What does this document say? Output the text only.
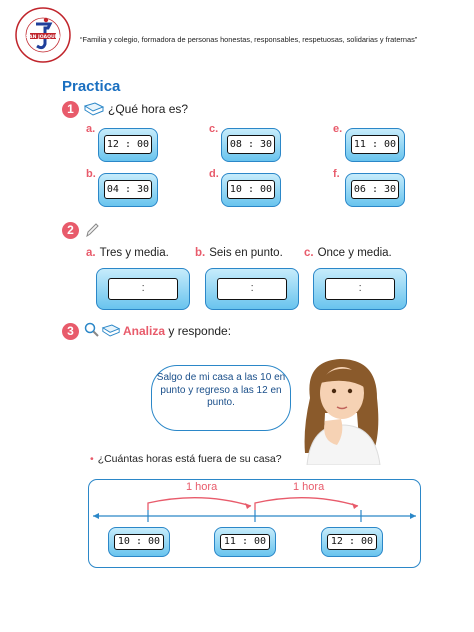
SAN JOAQUÍN	“Familia y colegio, formadora de personas honestas, responsables, respetuosas, solidarias y fraternas”
Practica
1	¿Qué hora es?
a.
12 : 00
c.
08 : 30
e.
11 : 00
b.
04 : 30
d.
10 : 00
f.
06 : 30
2
a. Tres y media. b. Seis en punto. c. Once y media.
:
:
:
3	Analiza y responde:
Salgo de mi casa a las 10 en punto y regreso a las 12 en punto.
• ¿Cuántas horas está fuera de su casa?
1 hora	1 hora
10 : 00	11 : 00	12 : 00
